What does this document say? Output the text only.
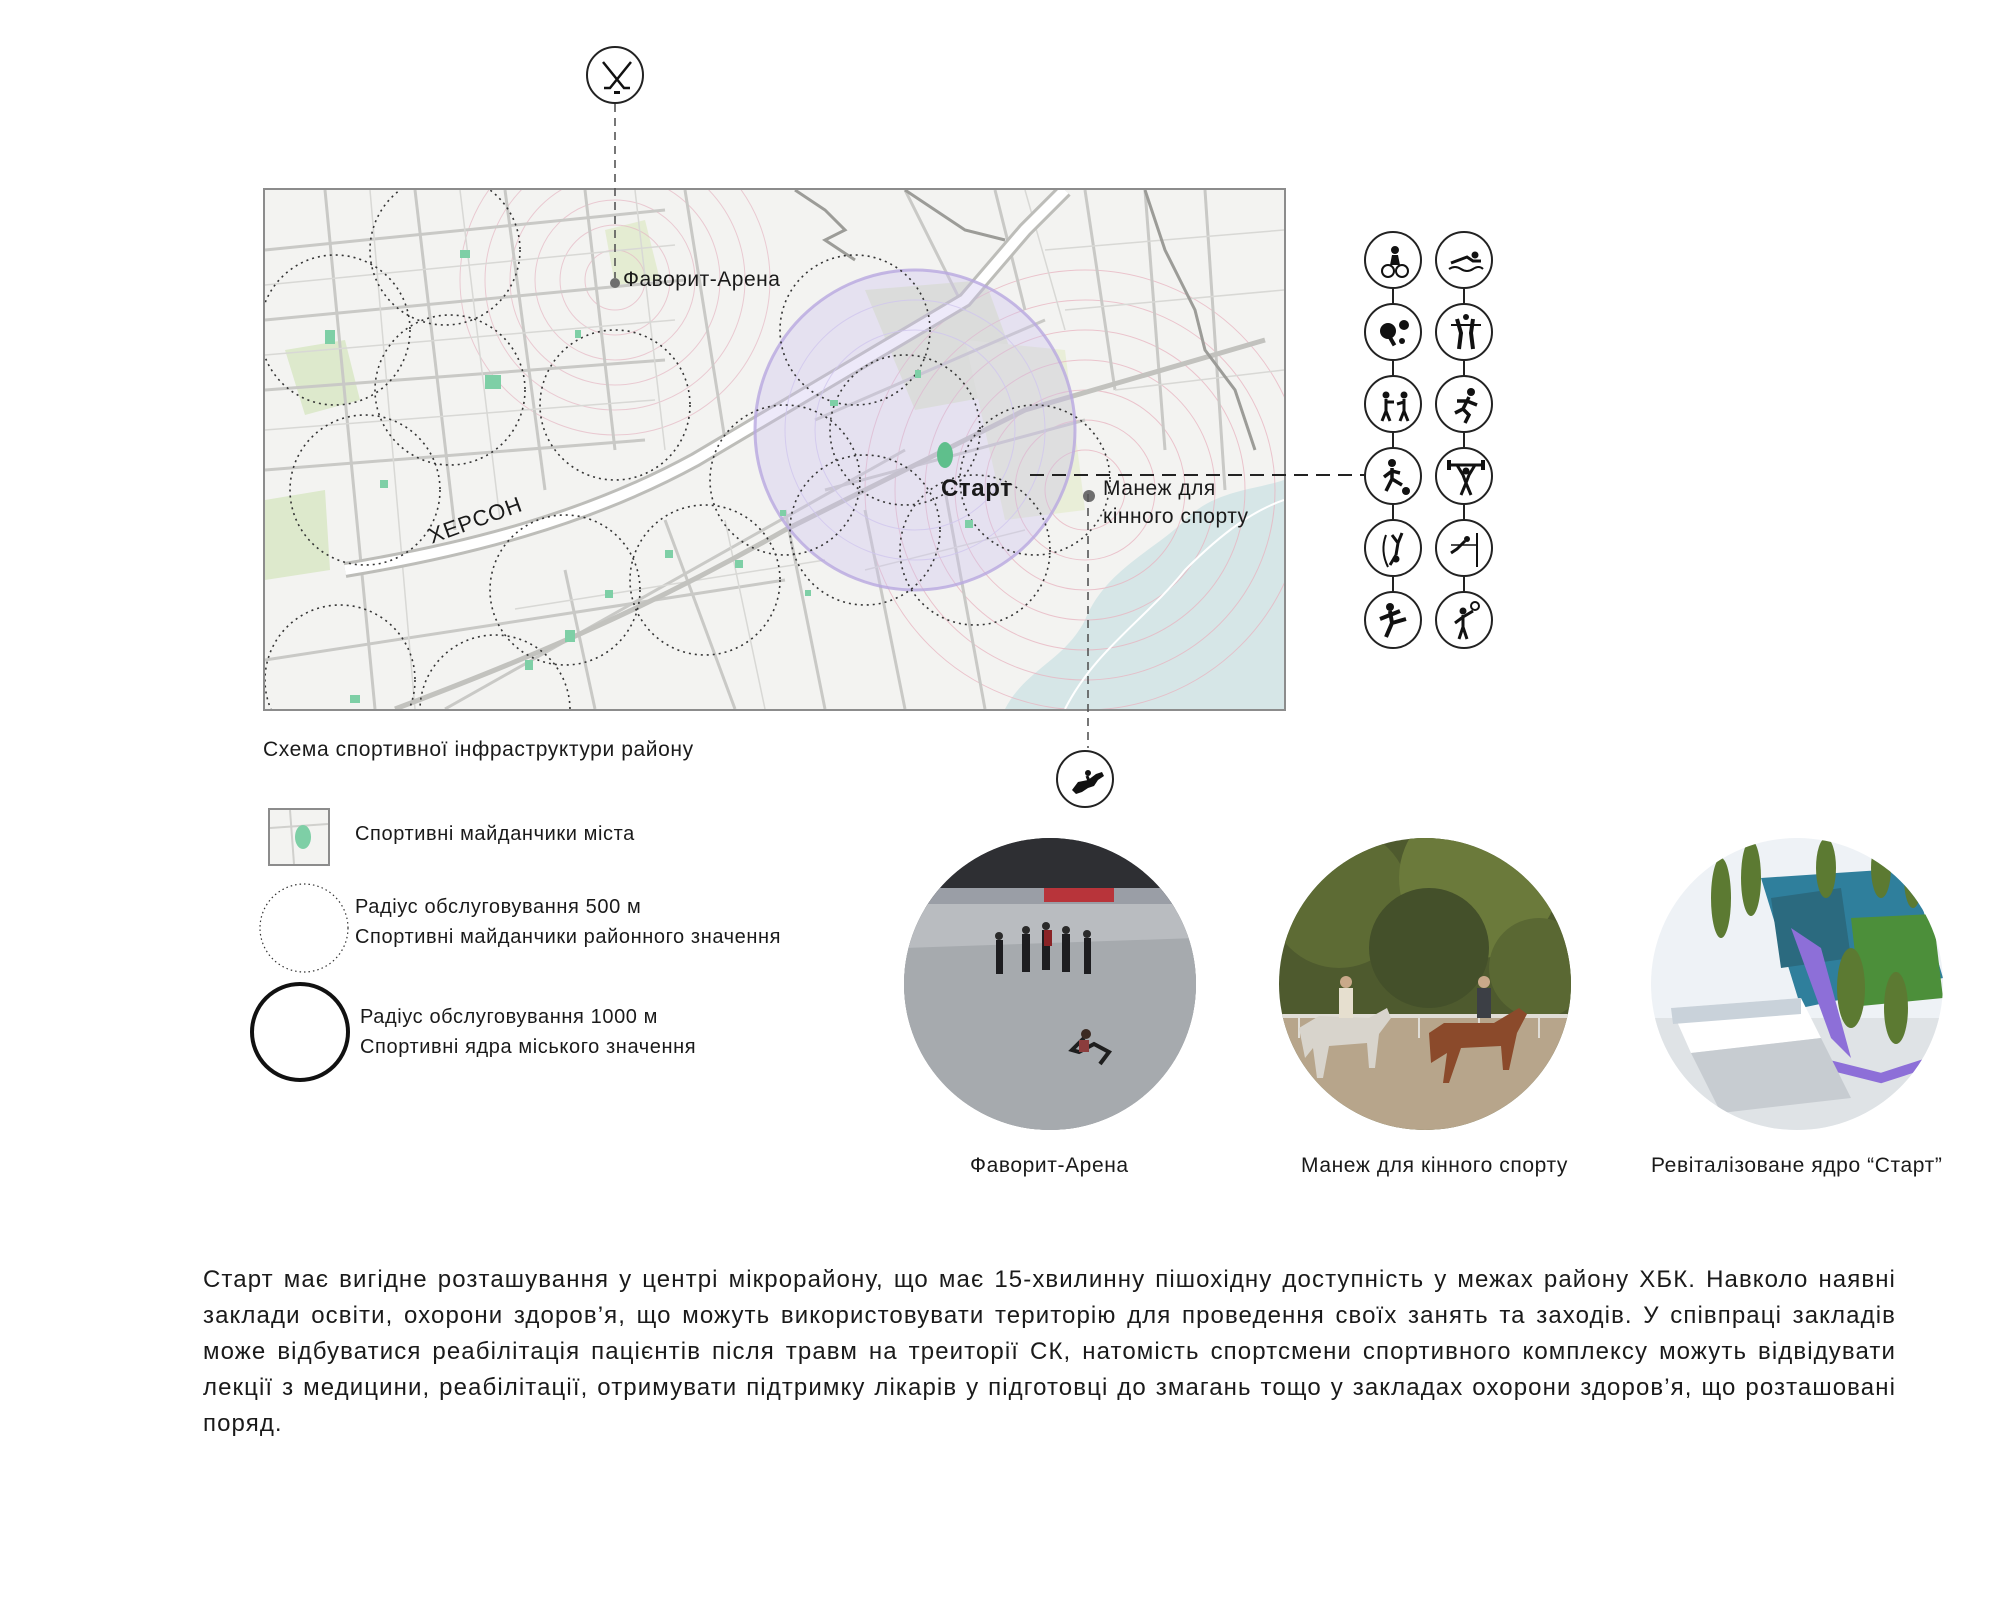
Фаворит-Арена
Старт	Манеж для
кінного спорту
ХЕРСОН
Схема спортивної інфраструктури району
Спортивні майданчики міста
Радіус обслуговування 500 м
Спортивні майданчики районного значення
Радіус обслуговування 1000 м
Спортивні ядра міського значення
Фаворит-Арена	Манеж для кінного спорту	Ревіталізоване ядро “Старт”
Старт має вигідне розташування у центрі мікрорайону, що має 15-хвилинну пішохідну доступність у межах району ХБК. Навколо наявні заклади освіти, охорони здоров’я, що можуть використовувати територію для проведення своїх занять та заходів. У співпраці закладів може відбуватися реабілітація пацієнтів після травм на треиторії СК, натомість спортсмени спортивного комплексу можуть відвідувати лекції з медицини, реабілітації, отримувати підтримку лікарів у підготовці до змагань тощо у закладах охорони здоров’я, що розташовані поряд.
